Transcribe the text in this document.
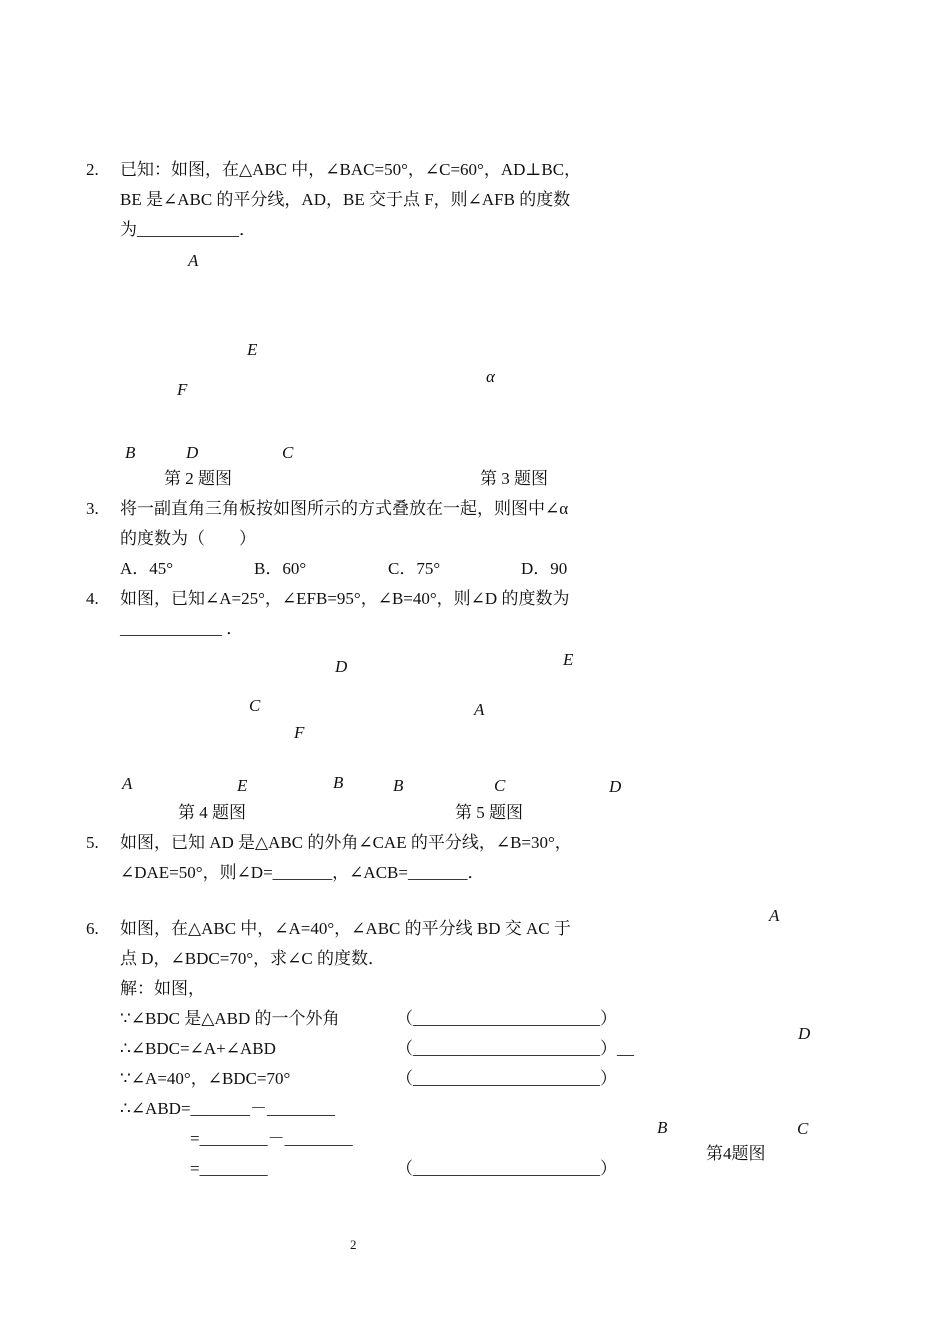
2. 已知：如图，在△ABC 中，∠BAC=50°，∠C=60°，AD⊥BC，
BE 是∠ABC 的平分线，AD，BE 交于点 F，则∠AFB 的度数
为____________．
A
E
F
B	D	C
第 2 题图
α
第 3 题图
3. 将一副直角三角板按如图所示的方式叠放在一起，则图中∠α
的度数为（　　）
A．45°	B．60°	C．75°	D．90
4. 如图，已知∠A=25°，∠EFB=95°，∠B=40°，则∠D 的度数为
____________ ．
D
C
F
A	E	B
第 4 题图
E
A
B	C	D
第 5 题图
5. 如图，已知 AD 是△ABC 的外角∠CAE 的平分线，∠B=30°，
∠DAE=50°，则∠D=_______，∠ACB=_______．
6. 如图，在△ABC 中，∠A=40°，∠ABC 的平分线 BD 交 AC 于
点 D，∠BDC=70°，求∠C 的度数．
解：如图，
∵∠BDC 是△ABD 的一个外角	（______________________）
∴∠BDC=∠A+∠ABD	（______________________）__
∵∠A=40°，∠BDC=70°	（______________________）
∴∠ABD=_______－________
=________－________
=________	（______________________）
A
D
B	C
第4题图
2
